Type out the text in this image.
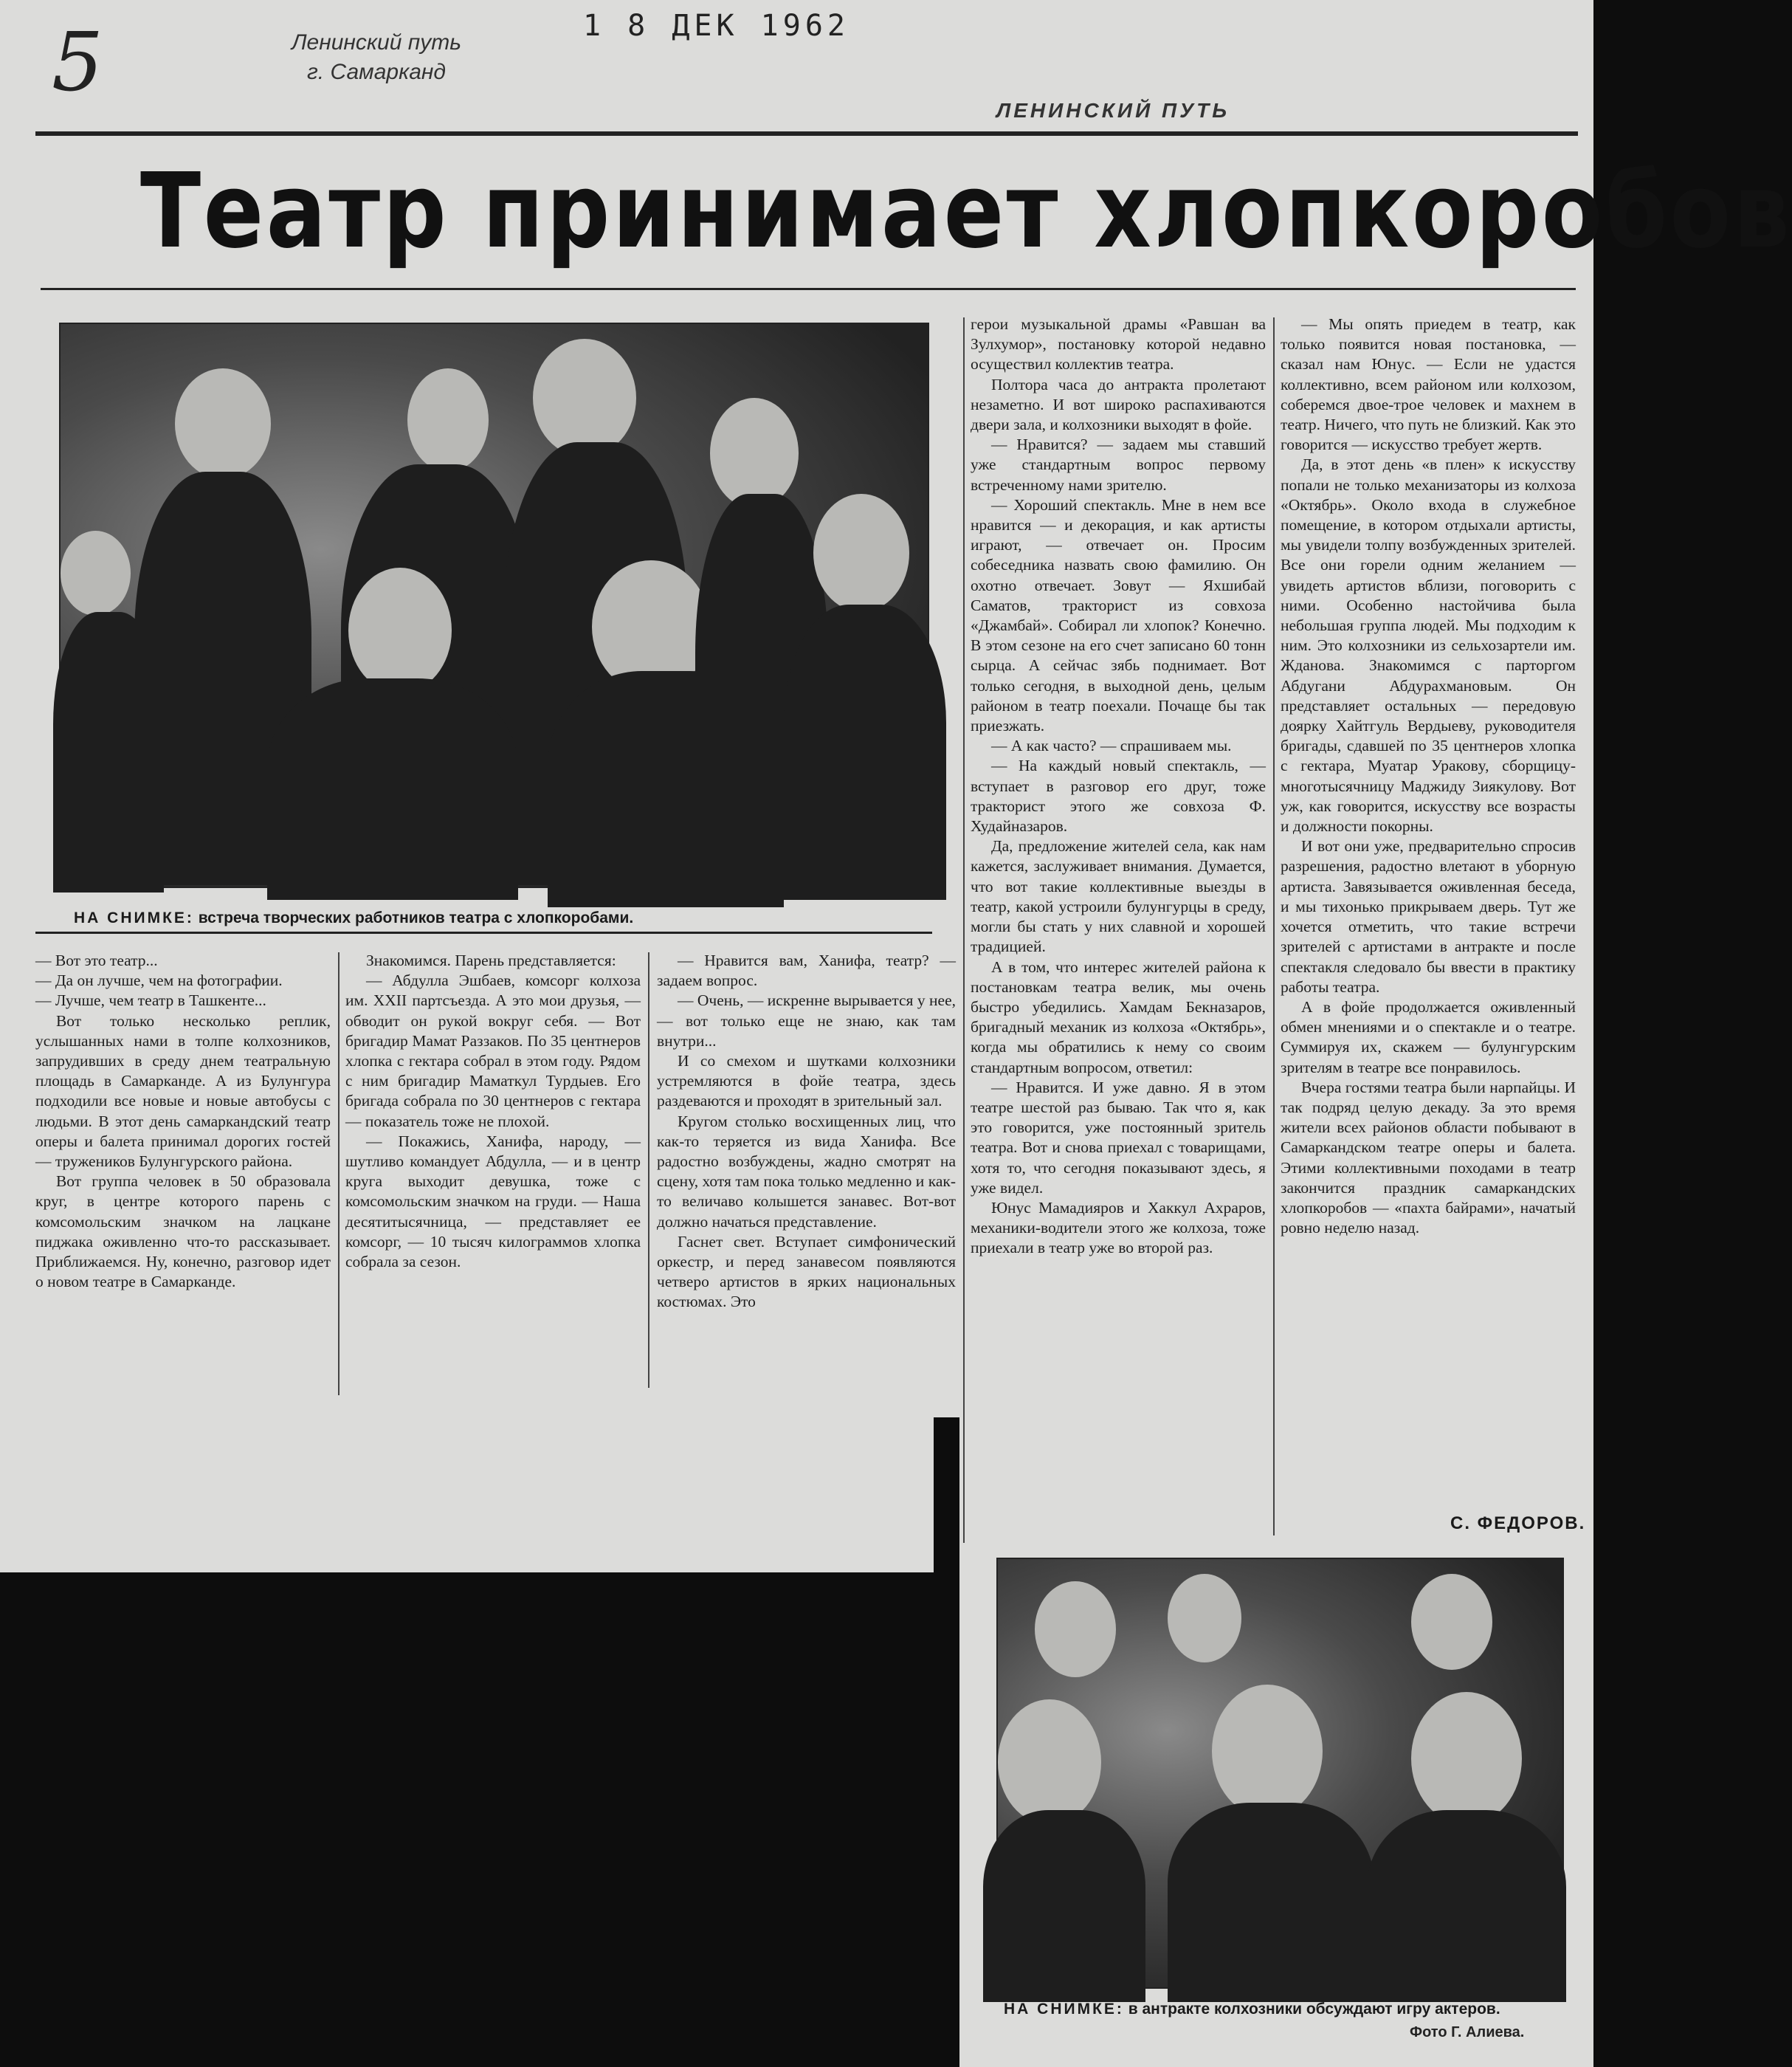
5	Ленинский путь
г. Самарканд
1 8 ДЕК 1962
ЛЕНИНСКИЙ ПУТЬ
Театр принимает хлопкоробов
НА СНИМКЕ: встреча творческих работников театра с хлопкоробами.

— Вот это театр...

— Да он лучше, чем на фотографии.

— Лучше, чем театр в Ташкенте...

Вот только несколько реплик, услышанных нами в толпе колхозников, запрудивших в среду днем театральную площадь в Самарканде. А из Булунгура подходили все новые и новые автобусы с людьми. В этот день самаркандский театр оперы и балета принимал дорогих гостей — тружеников Булунгурского района.

Вот группа человек в 50 образовала круг, в центре которого парень с комсомольским значком на лацкане пиджака оживленно что-то рассказывает. Приближаемся. Ну, конечно, разговор идет о новом театре в Самарканде.

Знакомимся. Парень представляется:

— Абдулла Эшбаев, комсорг колхоза им. XXII партсъезда. А это мои друзья, — обводит он рукой вокруг себя. — Вот бригадир Мамат Раззаков. По 35 центнеров хлопка с гектара собрал в этом году. Рядом с ним бригадир Маматкул Турдыев. Его бригада собрала по 30 центнеров с гектара — показатель тоже не плохой.

— Покажись, Ханифа, народу, — шутливо командует Абдулла, — и в центр круга выходит девушка, тоже с комсомольским значком на груди. — Наша десятитысячница, — представляет ее комсорг, — 10 тысяч килограммов хлопка собрала за сезон.

— Нравится вам, Ханифа, театр? — задаем вопрос.

— Очень, — искренне вырывается у нее, — вот только еще не знаю, как там внутри...

И со смехом и шутками колхозники устремляются в фойе театра, здесь раздеваются и проходят в зрительный зал.

Кругом столько восхищенных лиц, что как-то теряется из вида Ханифа. Все радостно возбуждены, жадно смотрят на сцену, хотя там пока только медленно и как-то величаво колышется занавес. Вот-вот должно начаться представление.

Гаснет свет. Вступает симфонический оркестр, и перед занавесом появляются четверо артистов в ярких национальных костюмах. Это

герои музыкальной драмы «Равшан ва Зулхумор», постановку которой недавно осуществил коллектив театра.

Полтора часа до антракта пролетают незаметно. И вот широко распахиваются двери зала, и колхозники выходят в фойе.

— Нравится? — задаем мы ставший уже стандартным вопрос первому встреченному нами зрителю.

— Хороший спектакль. Мне в нем все нравится — и декорация, и как артисты играют, — отвечает он. Просим собеседника назвать свою фамилию. Он охотно отвечает. Зовут — Яхшибай Саматов, тракторист из совхоза «Джамбай». Собирал ли хлопок? Конечно. В этом сезоне на его счет записано 60 тонн сырца. А сейчас зябь поднимает. Вот только сегодня, в выходной день, целым районом в театр поехали. Почаще бы так приезжать.

— А как часто? — спрашиваем мы.

— На каждый новый спектакль, — вступает в разговор его друг, тоже тракторист этого же совхоза Ф. Худайназаров.

Да, предложение жителей села, как нам кажется, заслуживает внимания. Думается, что вот такие коллективные выезды в театр, какой устроили булунгурцы в среду, могли бы стать у них славной и хорошей традицией.

А в том, что интерес жителей района к постановкам театра велик, мы очень быстро убедились. Хамдам Бекназаров, бригадный механик из колхоза «Октябрь», когда мы обратились к нему со своим стандартным вопросом, ответил:

— Нравится. И уже давно. Я в этом театре шестой раз бываю. Так что я, как это говорится, уже постоянный зритель театра. Вот и снова приехал с товарищами, хотя то, что сегодня показывают здесь, я уже видел.

Юнус Мамадияров и Хаккул Ахраров, механики-водители этого же колхоза, тоже приехали в театр уже во второй раз.

— Мы опять приедем в театр, как только появится новая постановка, — сказал нам Юнус. — Если не удастся коллективно, всем районом или колхозом, соберемся двое-трое человек и махнем в театр. Ничего, что путь не близкий. Как это говорится — искусство требует жертв.

Да, в этот день «в плен» к искусству попали не только механизаторы из колхоза «Октябрь». Около входа в служебное помещение, в котором отдыхали артисты, мы увидели толпу возбужденных зрителей. Все они горели одним желанием — увидеть артистов вблизи, поговорить с ними. Особенно настойчива была небольшая группа людей. Мы подходим к ним. Это колхозники из сельхозартели им. Жданова. Знакомимся с парторгом Абдугани Абдурахмановым. Он представляет остальных — передовую доярку Хайтгуль Вердыеву, руководителя бригады, сдавшей по 35 центнеров хлопка с гектара, Муатар Ураковy, сборщицу-многотысячницу Маджиду Зиякулову. Вот уж, как говорится, искусству все возрасты и должности покорны.

И вот они уже, предварительно спросив разрешения, радостно влетают в уборную артиста. Завязывается оживленная беседа, и мы тихонько прикрываем дверь. Тут же хочется отметить, что такие встречи зрителей с артистами в антракте и после спектакля следовало бы ввести в практику работы театра.

А в фойе продолжается оживленный обмен мнениями и о спектакле и о театре. Суммируя их, скажем — булунгурским зрителям в театре все понравилось.

Вчера гостями театра были нарпайцы. И так подряд целую декаду. За это время жители всех районов области побывают в Самаркандском театре оперы и балета. Этими коллективными походами в театр закончится праздник самаркандских хлопкоробов — «пахта байрами», начатый ровно неделю назад.

С. ФЕДОРОВ.
НА СНИМКЕ: в антракте колхозники обсуждают игру актеров.
Фото Г. Алиева.
